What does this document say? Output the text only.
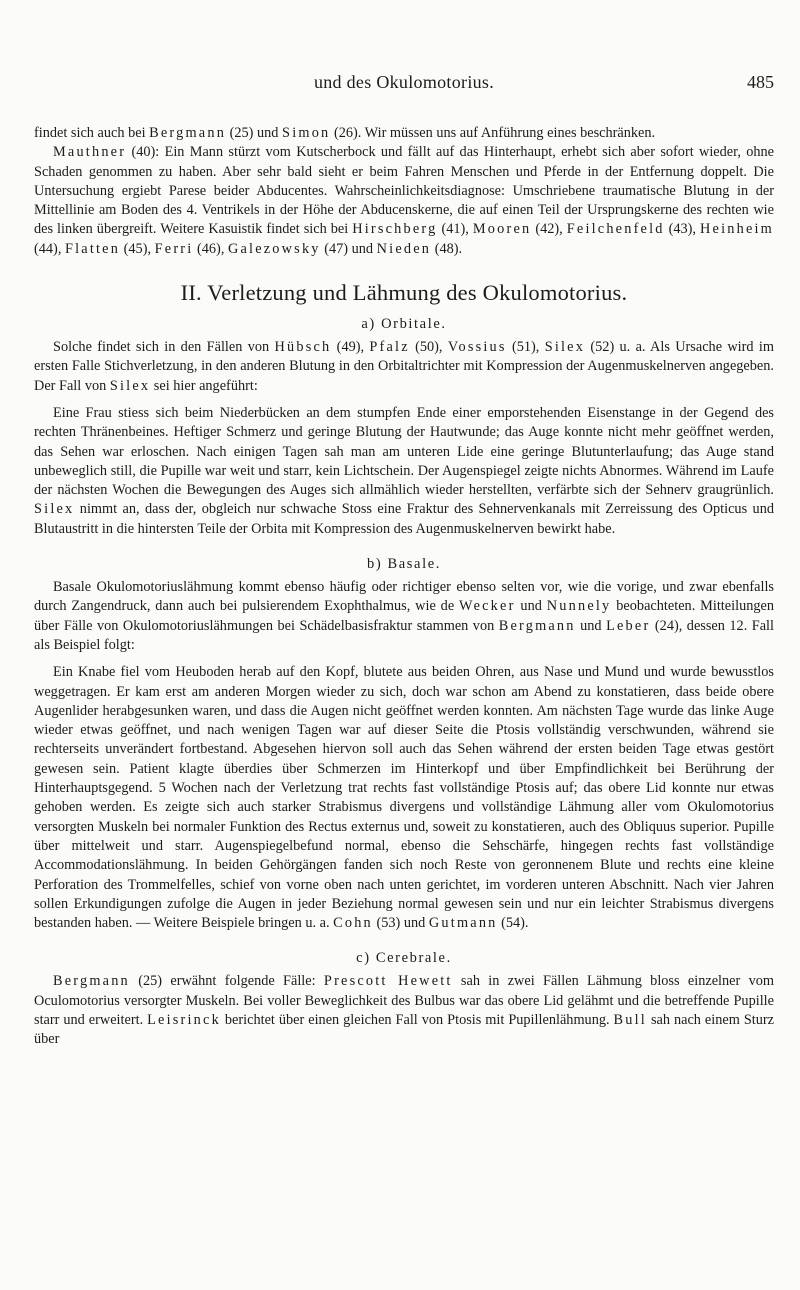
und des Okulomotorius.	485

findet sich auch bei Bergmann (25) und Simon (26). Wir müssen uns auf Anführung eines beschränken.

Mauthner (40): Ein Mann stürzt vom Kutscherbock und fällt auf das Hinterhaupt, erhebt sich aber sofort wieder, ohne Schaden genommen zu haben. Aber sehr bald sieht er beim Fahren Menschen und Pferde in der Entfernung doppelt. Die Untersuchung ergiebt Parese beider Abducentes. Wahrscheinlichkeitsdiagnose: Umschriebene traumatische Blutung in der Mittellinie am Boden des 4. Ventrikels in der Höhe der Abducenskerne, die auf einen Teil der Ursprungskerne des rechten wie des linken übergreift. Weitere Kasuistik findet sich bei Hirschberg (41), Mooren (42), Feilchenfeld (43), Heinheim (44), Flatten (45), Ferri (46), Galezowsky (47) und Nieden (48).

II. Verletzung und Lähmung des Okulomotorius.
a) Orbitale.

Solche findet sich in den Fällen von Hübsch (49), Pfalz (50), Vossius (51), Silex (52) u. a. Als Ursache wird im ersten Falle Stichverletzung, in den anderen Blutung in den Orbitaltrichter mit Kompression der Augenmuskelnerven angegeben. Der Fall von Silex sei hier angeführt:

Eine Frau stiess sich beim Niederbücken an dem stumpfen Ende einer emporstehenden Eisenstange in der Gegend des rechten Thränenbeines. Heftiger Schmerz und geringe Blutung der Hautwunde; das Auge konnte nicht mehr geöffnet werden, das Sehen war erloschen. Nach einigen Tagen sah man am unteren Lide eine geringe Blutunterlaufung; das Auge stand unbeweglich still, die Pupille war weit und starr, kein Lichtschein. Der Augenspiegel zeigte nichts Abnormes. Während im Laufe der nächsten Wochen die Bewegungen des Auges sich allmählich wieder herstellten, verfärbte sich der Sehnerv graugrünlich. Silex nimmt an, dass der, obgleich nur schwache Stoss eine Fraktur des Sehnervenkanals mit Zerreissung des Opticus und Blutaustritt in die hintersten Teile der Orbita mit Kompression des Augenmuskelnerven bewirkt habe.

b) Basale.

Basale Okulomotoriuslähmung kommt ebenso häufig oder richtiger ebenso selten vor, wie die vorige, und zwar ebenfalls durch Zangendruck, dann auch bei pulsierendem Exophthalmus, wie de Wecker und Nunnely beobachteten. Mitteilungen über Fälle von Okulomotoriuslähmungen bei Schädelbasisfraktur stammen von Bergmann und Leber (24), dessen 12. Fall als Beispiel folgt:

Ein Knabe fiel vom Heuboden herab auf den Kopf, blutete aus beiden Ohren, aus Nase und Mund und wurde bewusstlos weggetragen. Er kam erst am anderen Morgen wieder zu sich, doch war schon am Abend zu konstatieren, dass beide obere Augenlider herabgesunken waren, und dass die Augen nicht geöffnet werden konnten. Am nächsten Tage wurde das linke Auge wieder etwas geöffnet, und nach wenigen Tagen war auf dieser Seite die Ptosis vollständig verschwunden, während sie rechterseits unverändert fortbestand. Abgesehen hiervon soll auch das Sehen während der ersten beiden Tage etwas gestört gewesen sein. Patient klagte überdies über Schmerzen im Hinterkopf und über Empfindlichkeit bei Berührung der Hinterhauptsgegend. 5 Wochen nach der Verletzung trat rechts fast vollständige Ptosis auf; das obere Lid konnte nur etwas gehoben werden. Es zeigte sich auch starker Strabismus divergens und vollständige Lähmung aller vom Okulomotorius versorgten Muskeln bei normaler Funktion des Rectus externus und, soweit zu konstatieren, auch des Obliquus superior. Pupille über mittelweit und starr. Augenspiegelbefund normal, ebenso die Sehschärfe, hingegen rechts fast vollständige Accommodationslähmung. In beiden Gehörgängen fanden sich noch Reste von geronnenem Blute und rechts eine kleine Perforation des Trommelfelles, schief von vorne oben nach unten gerichtet, im vorderen unteren Abschnitt. Nach vier Jahren sollen Erkundigungen zufolge die Augen in jeder Beziehung normal gewesen sein und nur ein leichter Strabismus divergens bestanden haben. — Weitere Beispiele bringen u. a. Cohn (53) und Gutmann (54).

c) Cerebrale.

Bergmann (25) erwähnt folgende Fälle: Prescott Hewett sah in zwei Fällen Lähmung bloss einzelner vom Oculomotorius versorgter Muskeln. Bei voller Beweglichkeit des Bulbus war das obere Lid gelähmt und die betreffende Pupille starr und erweitert. Leisrinck berichtet über einen gleichen Fall von Ptosis mit Pupillenlähmung. Bull sah nach einem Sturz über
